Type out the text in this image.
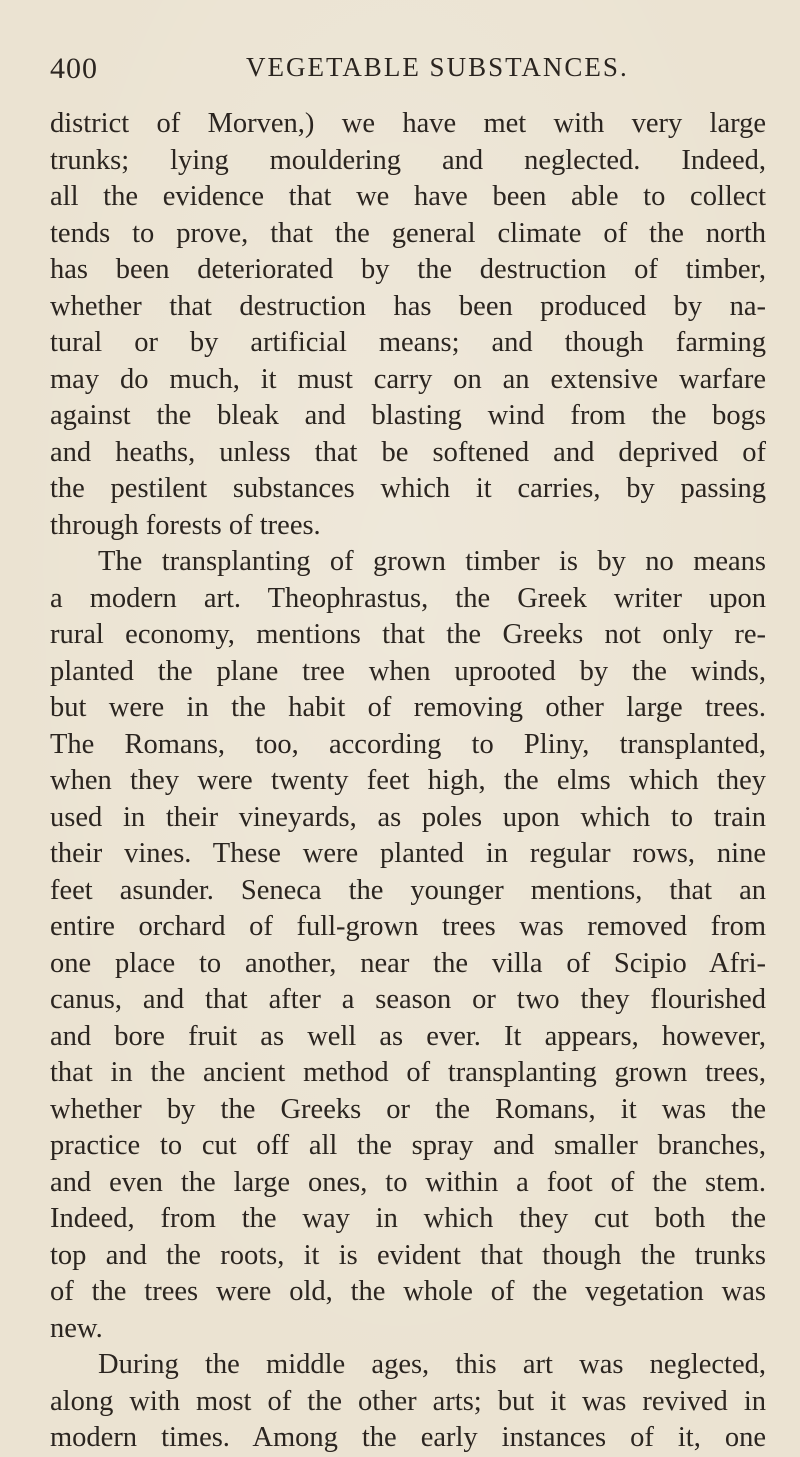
400	VEGETABLE SUBSTANCES.
district of Morven,) we have met with very large
trunks; lying mouldering and neglected. Indeed,
all the evidence that we have been able to collect
tends to prove, that the general climate of the north
has been deteriorated by the destruction of timber,
whether that destruction has been produced by na-
tural or by artificial means; and though farming
may do much, it must carry on an extensive warfare
against the bleak and blasting wind from the bogs
and heaths, unless that be softened and deprived of
the pestilent substances which it carries, by passing
through forests of trees.
The transplanting of grown timber is by no means
a modern art. Theophrastus, the Greek writer upon
rural economy, mentions that the Greeks not only re-
planted the plane tree when uprooted by the winds,
but were in the habit of removing other large trees.
The Romans, too, according to Pliny, transplanted,
when they were twenty feet high, the elms which they
used in their vineyards, as poles upon which to train
their vines. These were planted in regular rows, nine
feet asunder. Seneca the younger mentions, that an
entire orchard of full-grown trees was removed from
one place to another, near the villa of Scipio Afri-
canus, and that after a season or two they flourished
and bore fruit as well as ever. It appears, however,
that in the ancient method of transplanting grown trees,
whether by the Greeks or the Romans, it was the
practice to cut off all the spray and smaller branches,
and even the large ones, to within a foot of the stem.
Indeed, from the way in which they cut both the
top and the roots, it is evident that though the trunks
of the trees were old, the whole of the vegetation was
new.
During the middle ages, this art was neglected,
along with most of the other arts; but it was revived in
modern times. Among the early instances of it, one
